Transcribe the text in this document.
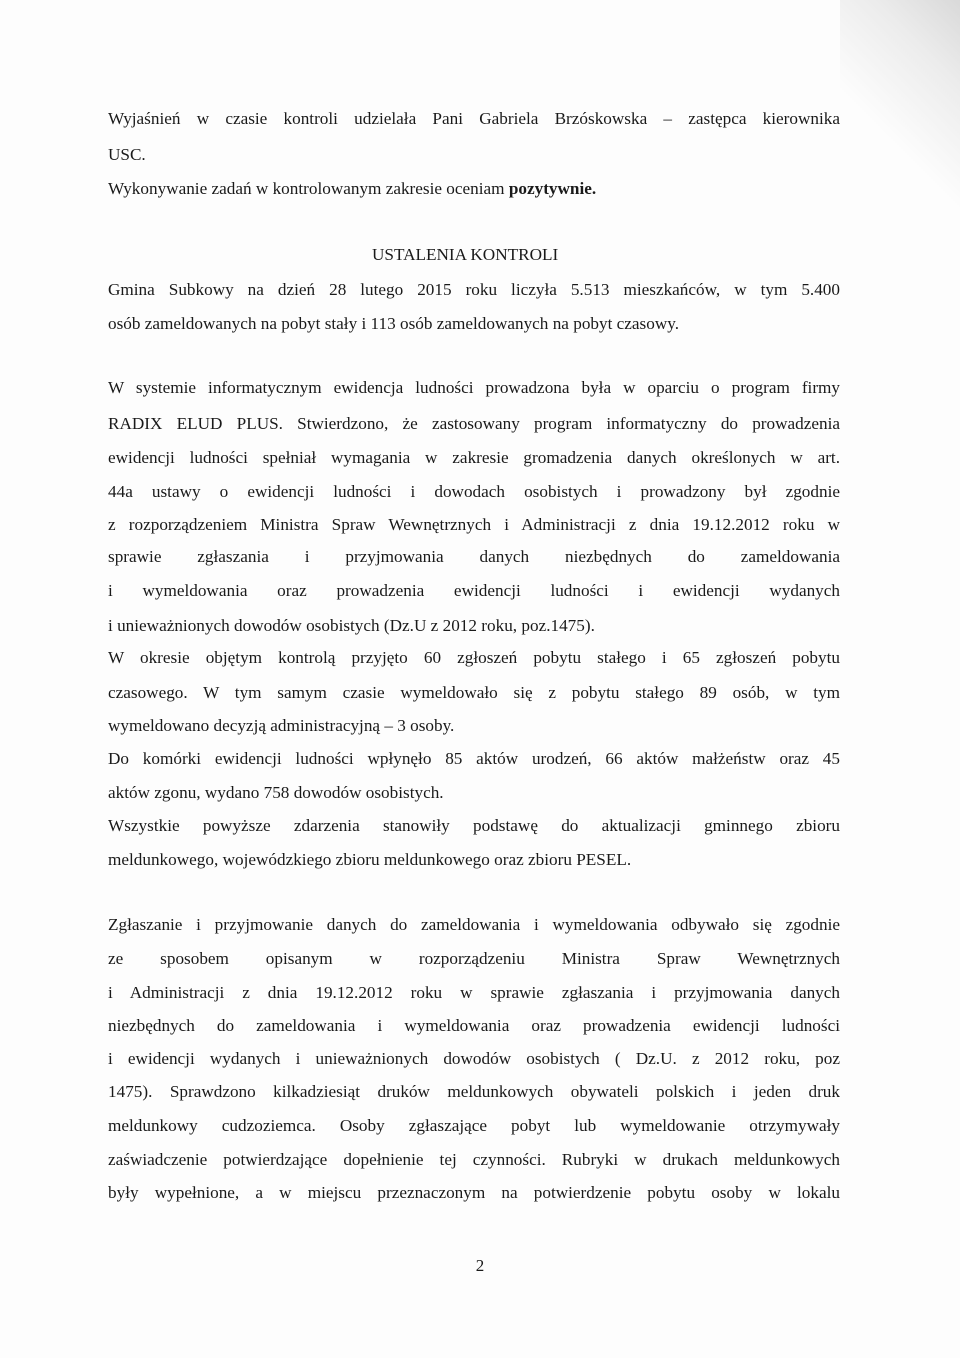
Wyjaśnień w czasie kontroli udzielała Pani Gabriela Brzóskowska – zastępca kierownika
USC.
Wykonywanie zadań w kontrolowanym zakresie oceniam pozytywnie.
USTALENIA KONTROLI
Gmina Subkowy na dzień 28 lutego 2015 roku liczyła 5.513 mieszkańców, w tym 5.400
osób zameldowanych na pobyt stały i 113 osób zameldowanych na pobyt czasowy.
W systemie informatycznym ewidencja ludności prowadzona była w oparciu o program firmy
RADIX ELUD PLUS. Stwierdzono, że zastosowany program informatyczny do prowadzenia
ewidencji ludności spełniał wymagania w zakresie gromadzenia danych określonych w art.
44a ustawy o ewidencji ludności i dowodach osobistych i prowadzony był zgodnie
z rozporządzeniem Ministra Spraw Wewnętrznych i Administracji z dnia 19.12.2012 roku w
sprawie zgłaszania i przyjmowania danych niezbędnych do zameldowania
i wymeldowania oraz prowadzenia ewidencji ludności i ewidencji wydanych
i unieważnionych dowodów osobistych (Dz.U z 2012 roku, poz.1475).
W okresie objętym kontrolą przyjęto 60 zgłoszeń pobytu stałego i 65 zgłoszeń pobytu
czasowego. W tym samym czasie wymeldowało się z pobytu stałego 89 osób, w tym
wymeldowano decyzją administracyjną – 3 osoby.
Do komórki ewidencji ludności wpłynęło 85 aktów urodzeń, 66 aktów małżeństw oraz 45
aktów zgonu, wydano 758 dowodów osobistych.
Wszystkie powyższe zdarzenia stanowiły podstawę do aktualizacji gminnego zbioru
meldunkowego, wojewódzkiego zbioru meldunkowego oraz zbioru PESEL.
Zgłaszanie i przyjmowanie danych do zameldowania i wymeldowania odbywało się zgodnie
ze sposobem opisanym w rozporządzeniu Ministra Spraw Wewnętrznych
i Administracji z dnia 19.12.2012 roku w sprawie zgłaszania i przyjmowania danych
niezbędnych do zameldowania i wymeldowania oraz prowadzenia ewidencji ludności
i ewidencji wydanych i unieważnionych dowodów osobistych ( Dz.U. z 2012 roku, poz
1475). Sprawdzono kilkadziesiąt druków meldunkowych obywateli polskich i jeden druk
meldunkowy cudzoziemca. Osoby zgłaszające pobyt lub wymeldowanie otrzymywały
zaświadczenie potwierdzające dopełnienie tej czynności. Rubryki w drukach meldunkowych
były wypełnione, a w miejscu przeznaczonym na potwierdzenie pobytu osoby w lokalu
2
